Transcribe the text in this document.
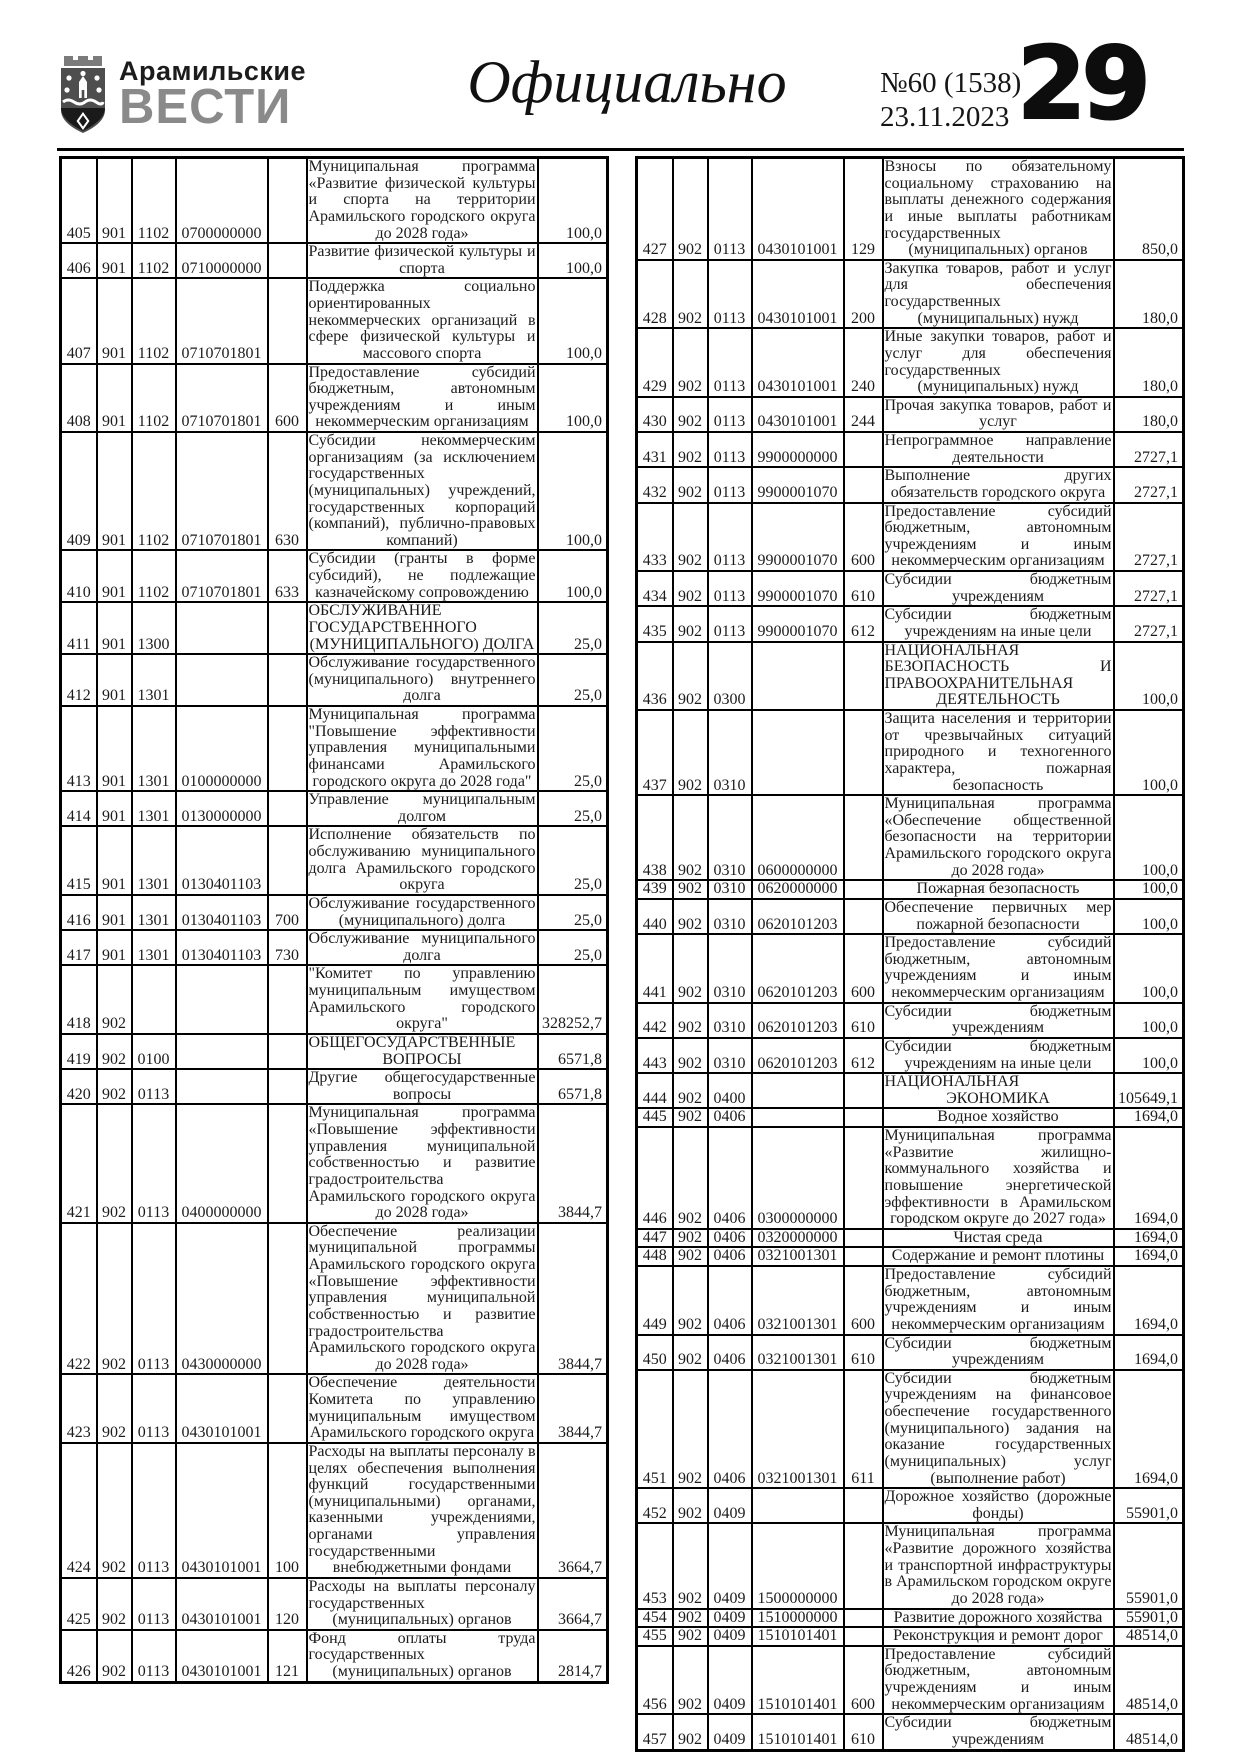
Арамильские
ВЕСТИ	Официально	№60 (1538)
23.11.2023 29
405	901	1102	0700000000		Муниципальная программа «Развитие физической культуры и спорта на территории Арамильского городского округа до 2028 года»	100,0
406	901	1102	0710000000		Развитие физической культуры и спорта	100,0
407	901	1102	0710701801		Поддержка социально ориентированных некоммерческих организаций в сфере физической культуры и массового спорта	100,0
408	901	1102	0710701801	600	Предоставление субсидий бюджетным, автономным учреждениям и иным некоммерческим организациям	100,0
409	901	1102	0710701801	630	Субсидии некоммерческим организациям (за исключением государственных (муниципальных) учреждений, государственных корпораций (компаний), публично-правовых компаний)	100,0
410	901	1102	0710701801	633	Субсидии (гранты в форме субсидий), не подлежащие казначейскому сопровождению	100,0
411	901	1300			ОБСЛУЖИВАНИЕ ГОСУДАРСТВЕННОГО (МУНИЦИПАЛЬНОГО) ДОЛГА	25,0
412	901	1301			Обслуживание государственного (муниципального) внутреннего долга	25,0
413	901	1301	0100000000		Муниципальная программа "Повышение эффективности управления муниципальными финансами Арамильского городского округа до 2028 года"	25,0
414	901	1301	0130000000		Управление муниципальным долгом	25,0
415	901	1301	0130401103		Исполнение обязательств по обслуживанию муниципального долга Арамильского городского округа	25,0
416	901	1301	0130401103	700	Обслуживание государственного (муниципального) долга	25,0
417	901	1301	0130401103	730	Обслуживание муниципального долга	25,0
418	902				"Комитет по управлению муниципальным имуществом Арамильского городского округа"	328252,7
419	902	0100			ОБЩЕГОСУДАРСТВЕННЫЕ ВОПРОСЫ	6571,8
420	902	0113			Другие общегосударственные вопросы	6571,8
421	902	0113	0400000000		Муниципальная программа «Повышение эффективности управления муниципальной собственностью и развитие градостроительства Арамильского городского округа до 2028 года»	3844,7
422	902	0113	0430000000		Обеспечение реализации муниципальной программы Арамильского городского округа «Повышение эффективности управления муниципальной собственностью и развитие градостроительства Арамильского городского округа до 2028 года»	3844,7
423	902	0113	0430101001		Обеспечение деятельности Комитета по управлению муниципальным имуществом Арамильского городского округа	3844,7
424	902	0113	0430101001	100	Расходы на выплаты персоналу в целях обеспечения выполнения функций государственными (муниципальными) органами, казенными учреждениями, органами управления государственными внебюджетными фондами	3664,7
425	902	0113	0430101001	120	Расходы на выплаты персоналу государственных (муниципальных) органов	3664,7
426	902	0113	0430101001	121	Фонд оплаты труда государственных (муниципальных) органов	2814,7
427	902	0113	0430101001	129	Взносы по обязательному социальному страхованию на выплаты денежного содержания и иные выплаты работникам государственных (муниципальных) органов	850,0
428	902	0113	0430101001	200	Закупка товаров, работ и услуг для обеспечения государственных (муниципальных) нужд	180,0
429	902	0113	0430101001	240	Иные закупки товаров, работ и услуг для обеспечения государственных (муниципальных) нужд	180,0
430	902	0113	0430101001	244	Прочая закупка товаров, работ и услуг	180,0
431	902	0113	9900000000		Непрограммное направление деятельности	2727,1
432	902	0113	9900001070		Выполнение других обязательств городского округа	2727,1
433	902	0113	9900001070	600	Предоставление субсидий бюджетным, автономным учреждениям и иным некоммерческим организациям	2727,1
434	902	0113	9900001070	610	Субсидии бюджетным учреждениям	2727,1
435	902	0113	9900001070	612	Субсидии бюджетным учреждениям на иные цели	2727,1
436	902	0300			НАЦИОНАЛЬНАЯ БЕЗОПАСНОСТЬ И ПРАВООХРАНИТЕЛЬНАЯ ДЕЯТЕЛЬНОСТЬ	100,0
437	902	0310			Защита населения и территории от чрезвычайных ситуаций природного и техногенного характера, пожарная безопасность	100,0
438	902	0310	0600000000		Муниципальная программа «Обеспечение общественной безопасности на территории Арамильского городского округа до 2028 года»	100,0
439	902	0310	0620000000		Пожарная безопасность	100,0
440	902	0310	0620101203		Обеспечение первичных мер пожарной безопасности	100,0
441	902	0310	0620101203	600	Предоставление субсидий бюджетным, автономным учреждениям и иным некоммерческим организациям	100,0
442	902	0310	0620101203	610	Субсидии бюджетным учреждениям	100,0
443	902	0310	0620101203	612	Субсидии бюджетным учреждениям на иные цели	100,0
444	902	0400			НАЦИОНАЛЬНАЯ ЭКОНОМИКА	105649,1
445	902	0406			Водное хозяйство	1694,0
446	902	0406	0300000000		Муниципальная программа «Развитие жилищно-коммунального хозяйства и повышение энергетической эффективности в Арамильском городском округе до 2027 года»	1694,0
447	902	0406	0320000000		Чистая среда	1694,0
448	902	0406	0321001301		Содержание и ремонт плотины	1694,0
449	902	0406	0321001301	600	Предоставление субсидий бюджетным, автономным учреждениям и иным некоммерческим организациям	1694,0
450	902	0406	0321001301	610	Субсидии бюджетным учреждениям	1694,0
451	902	0406	0321001301	611	Субсидии бюджетным учреждениям на финансовое обеспечение государственного (муниципального) задания на оказание государственных (муниципальных) услуг (выполнение работ)	1694,0
452	902	0409			Дорожное хозяйство (дорожные фонды)	55901,0
453	902	0409	1500000000		Муниципальная программа «Развитие дорожного хозяйства и транспортной инфраструктуры в Арамильском городском округе до 2028 года»	55901,0
454	902	0409	1510000000		Развитие дорожного хозяйства	55901,0
455	902	0409	1510101401		Реконструкция и ремонт дорог	48514,0
456	902	0409	1510101401	600	Предоставление субсидий бюджетным, автономным учреждениям и иным некоммерческим организациям	48514,0
457	902	0409	1510101401	610	Субсидии бюджетным учреждениям	48514,0
